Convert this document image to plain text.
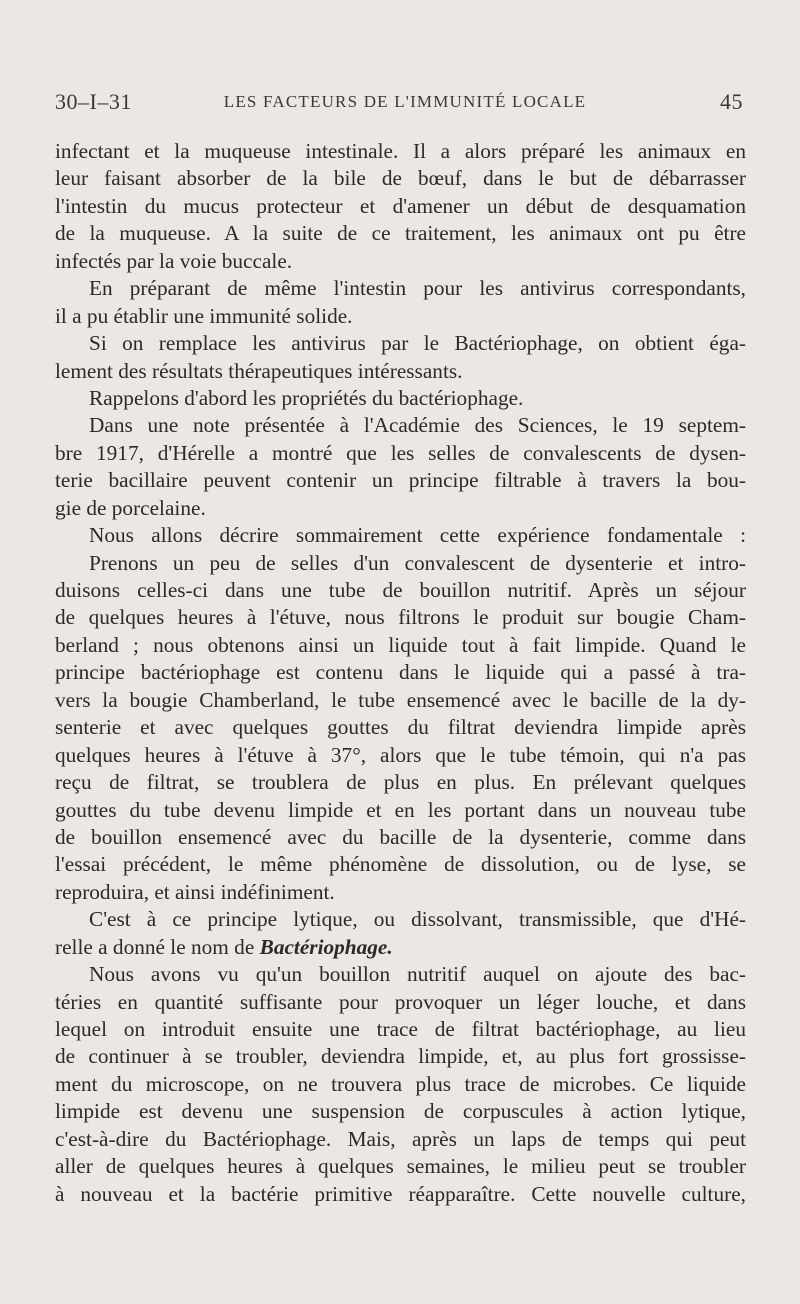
30–I–31	LES FACTEURS DE L'IMMUNITÉ LOCALE	45
infectant et la muqueuse intestinale. Il a alors préparé les animaux en
leur faisant absorber de la bile de bœuf, dans le but de débarrasser
l'intestin du mucus protecteur et d'amener un début de desquamation
de la muqueuse. A la suite de ce traitement, les animaux ont pu être
infectés par la voie buccale.
En préparant de même l'intestin pour les antivirus correspondants,
il a pu établir une immunité solide.
Si on remplace les antivirus par le Bactériophage, on obtient éga-
lement des résultats thérapeutiques intéressants.
Rappelons d'abord les propriétés du bactériophage.
Dans une note présentée à l'Académie des Sciences, le 19 septem-
bre 1917, d'Hérelle a montré que les selles de convalescents de dysen-
terie bacillaire peuvent contenir un principe filtrable à travers la bou-
gie de porcelaine.
Nous allons décrire sommairement cette expérience fondamentale :
Prenons un peu de selles d'un convalescent de dysenterie et intro-
duisons celles-ci dans une tube de bouillon nutritif. Après un séjour
de quelques heures à l'étuve, nous filtrons le produit sur bougie Cham-
berland ; nous obtenons ainsi un liquide tout à fait limpide. Quand le
principe bactériophage est contenu dans le liquide qui a passé à tra-
vers la bougie Chamberland, le tube ensemencé avec le bacille de la dy-
senterie et avec quelques gouttes du filtrat deviendra limpide après
quelques heures à l'étuve à 37°, alors que le tube témoin, qui n'a pas
reçu de filtrat, se troublera de plus en plus. En prélevant quelques
gouttes du tube devenu limpide et en les portant dans un nouveau tube
de bouillon ensemencé avec du bacille de la dysenterie, comme dans
l'essai précédent, le même phénomène de dissolution, ou de lyse, se
reproduira, et ainsi indéfiniment.
C'est à ce principe lytique, ou dissolvant, transmissible, que d'Hé-
relle a donné le nom de Bactériophage.
Nous avons vu qu'un bouillon nutritif auquel on ajoute des bac-
téries en quantité suffisante pour provoquer un léger louche, et dans
lequel on introduit ensuite une trace de filtrat bactériophage, au lieu
de continuer à se troubler, deviendra limpide, et, au plus fort grossisse-
ment du microscope, on ne trouvera plus trace de microbes. Ce liquide
limpide est devenu une suspension de corpuscules à action lytique,
c'est-à-dire du Bactériophage. Mais, après un laps de temps qui peut
aller de quelques heures à quelques semaines, le milieu peut se troubler
à nouveau et la bactérie primitive réapparaître. Cette nouvelle culture,
